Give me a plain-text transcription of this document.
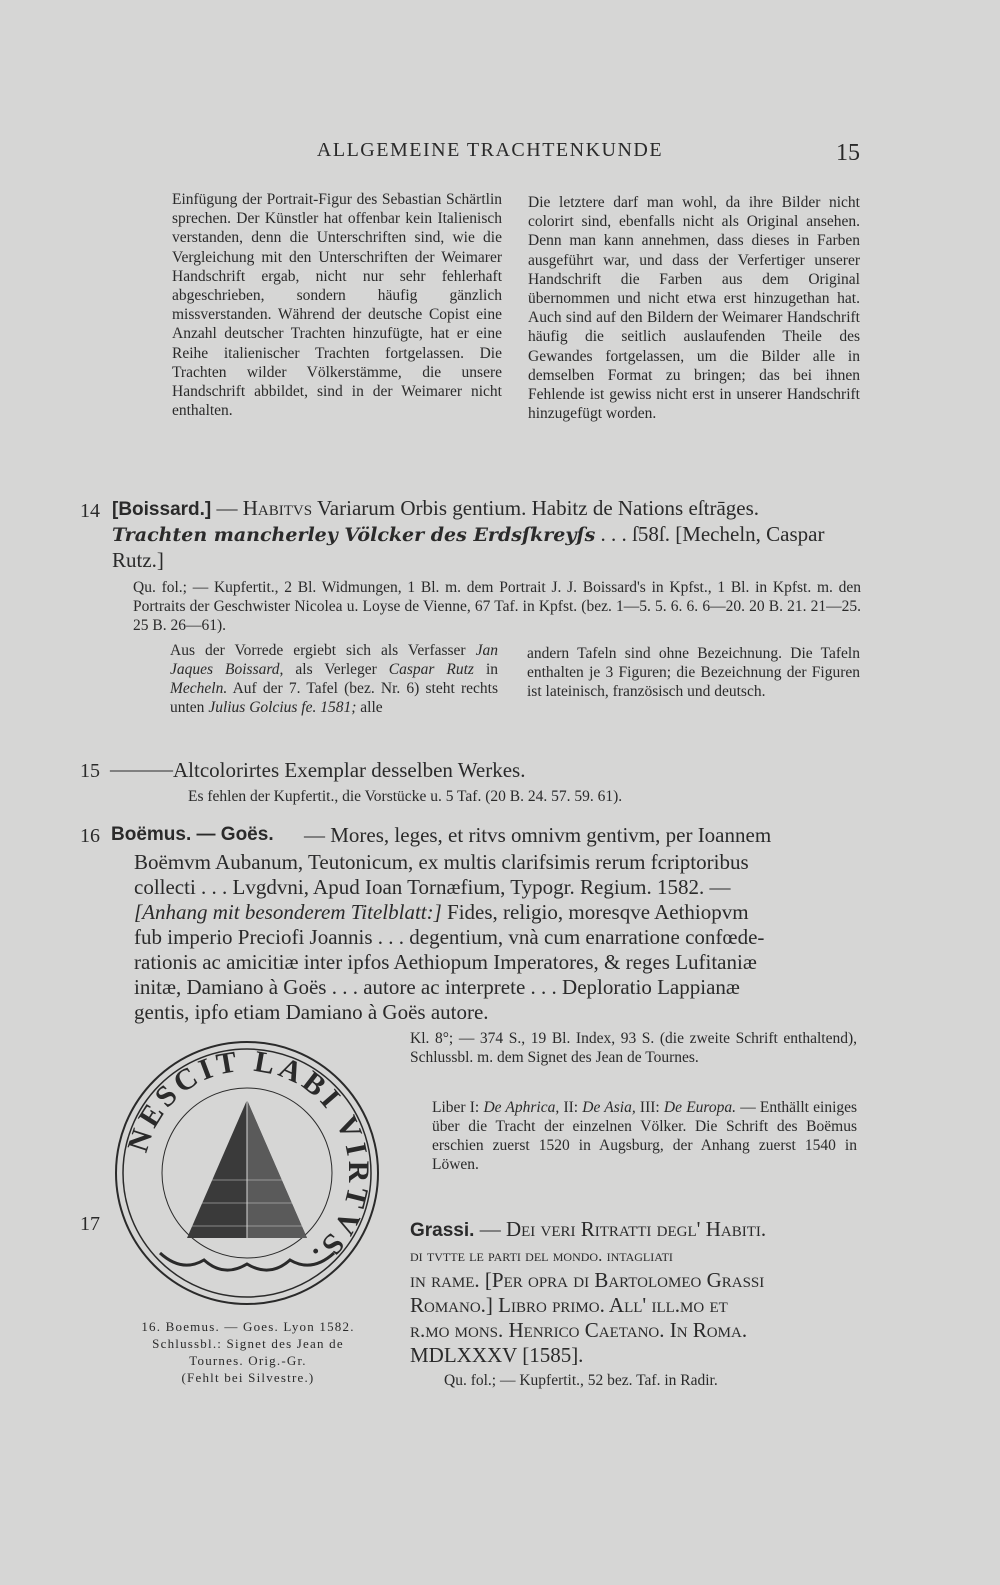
ALLGEMEINE TRACHTENKUNDE	15

Einfügung der Portrait-Figur des Sebastian Schärtlin sprechen. Der Künstler hat offenbar kein Italienisch verstanden, denn die Unterschriften sind, wie die Vergleichung mit den Unterschriften der Weimarer Handschrift ergab, nicht nur sehr fehlerhaft abgeschrieben, sondern häufig gänzlich missverstanden. Während der deutsche Copist eine Anzahl deutscher Trachten hinzufügte, hat er eine Reihe italienischer Trachten fortgelassen. Die Trachten wilder Völkerstämme, die unsere Handschrift abbildet, sind in der Weimarer nicht enthalten.

Die letztere darf man wohl, da ihre Bilder nicht colorirt sind, ebenfalls nicht als Original ansehen. Denn man kann annehmen, dass dieses in Farben ausgeführt war, und dass der Verfertiger unserer Handschrift die Farben aus dem Original übernommen und nicht etwa erst hinzugethan hat. Auch sind auf den Bildern der Weimarer Handschrift häufig die seitlich auslaufenden Theile des Gewandes fortgelassen, um die Bilder alle in demselben Format zu bringen; das bei ihnen Fehlende ist gewiss nicht erst in unserer Handschrift hinzugefügt worden.

14 [Boissard.] — Habitvs Variarum Orbis gentium. Habitz de Nations eſtrāges.
Trachten mancherley Völcker des Erdsſkreyſs . . . ſ58ſ. [Mecheln, Caspar
Rutz.]
Qu. fol.; — Kupfertit., 2 Bl. Widmungen, 1 Bl. m. dem Portrait J. J. Boissard's in Kpfst., 1 Bl. in Kpfst. m. den Portraits der Geschwister Nicolea u. Loyse de Vienne, 67 Taf. in Kpfst. (bez. 1—5. 5. 6. 6. 6—20. 20 B. 21. 21—25. 25 B. 26—61).
Aus der Vorrede ergiebt sich als Verfasser Jan Jaques Boissard, als Verleger Caspar Rutz in Mecheln. Auf der 7. Tafel (bez. Nr. 6) steht rechts unten Julius Golcius fe. 1581; alle
andern Tafeln sind ohne Bezeichnung. Die Tafeln enthalten je 3 Figuren; die Bezeichnung der Figuren ist lateinisch, französisch und deutsch.
15 ——— Altcolorirtes Exemplar desselben Werkes.
Es fehlen der Kupfertit., die Vorstücke u. 5 Taf. (20 B. 24. 57. 59. 61).
16 Boëmus. — Goës. — Mores, leges, et ritvs omnivm gentivm, per Ioannem
Boëmvm Aubanum, Teutonicum, ex multis clarifsimis rerum fcriptoribus
collecti . . . Lvgdvni, Apud Ioan Tornæfium, Typogr. Regium. 1582. —
[Anhang mit besonderem Titelblatt:] Fides, religio, moresqve Aethiopvm
fub imperio Preciofi Joannis . . . degentium, vnà cum enarratione confœde-
rationis ac amicitiæ inter ipfos Aethiopum Imperatores, & reges Lufitaniæ
initæ, Damiano à Goës . . . autore ac interprete . . . Deploratio Lappianæ
gentis, ipfo etiam Damiano à Goës autore.
Kl. 8°; — 374 S., 19 Bl. Index, 93 S. (die zweite Schrift enthaltend), Schlussbl. m. dem Signet des Jean de Tournes.
Liber I: De Aphrica, II: De Asia, III: De Europa. — Enthällt einiges über die Tracht der einzelnen Völker. Die Schrift des Boëmus erschien zuerst 1520 in Augsburg, der Anhang zuerst 1540 in Löwen.
NESCIT LABI VIRTVS.
17
16. Boemus. — Goes. Lyon 1582.
Schlussbl.: Signet des Jean de
Tournes. Orig.-Gr.
(Fehlt bei Silvestre.)
Grassi. — Dei veri Ritratti degl' Habiti.
di tvtte le parti del mondo. intagliati
in rame. [Per opra di Bartolomeo Grassi
Romano.] Libro primo. All' ill.mo et
r.mo mons. Henrico Caetano. In Roma.
MDLXXXV [1585].
Qu. fol.; — Kupfertit., 52 bez. Taf. in Radir.
